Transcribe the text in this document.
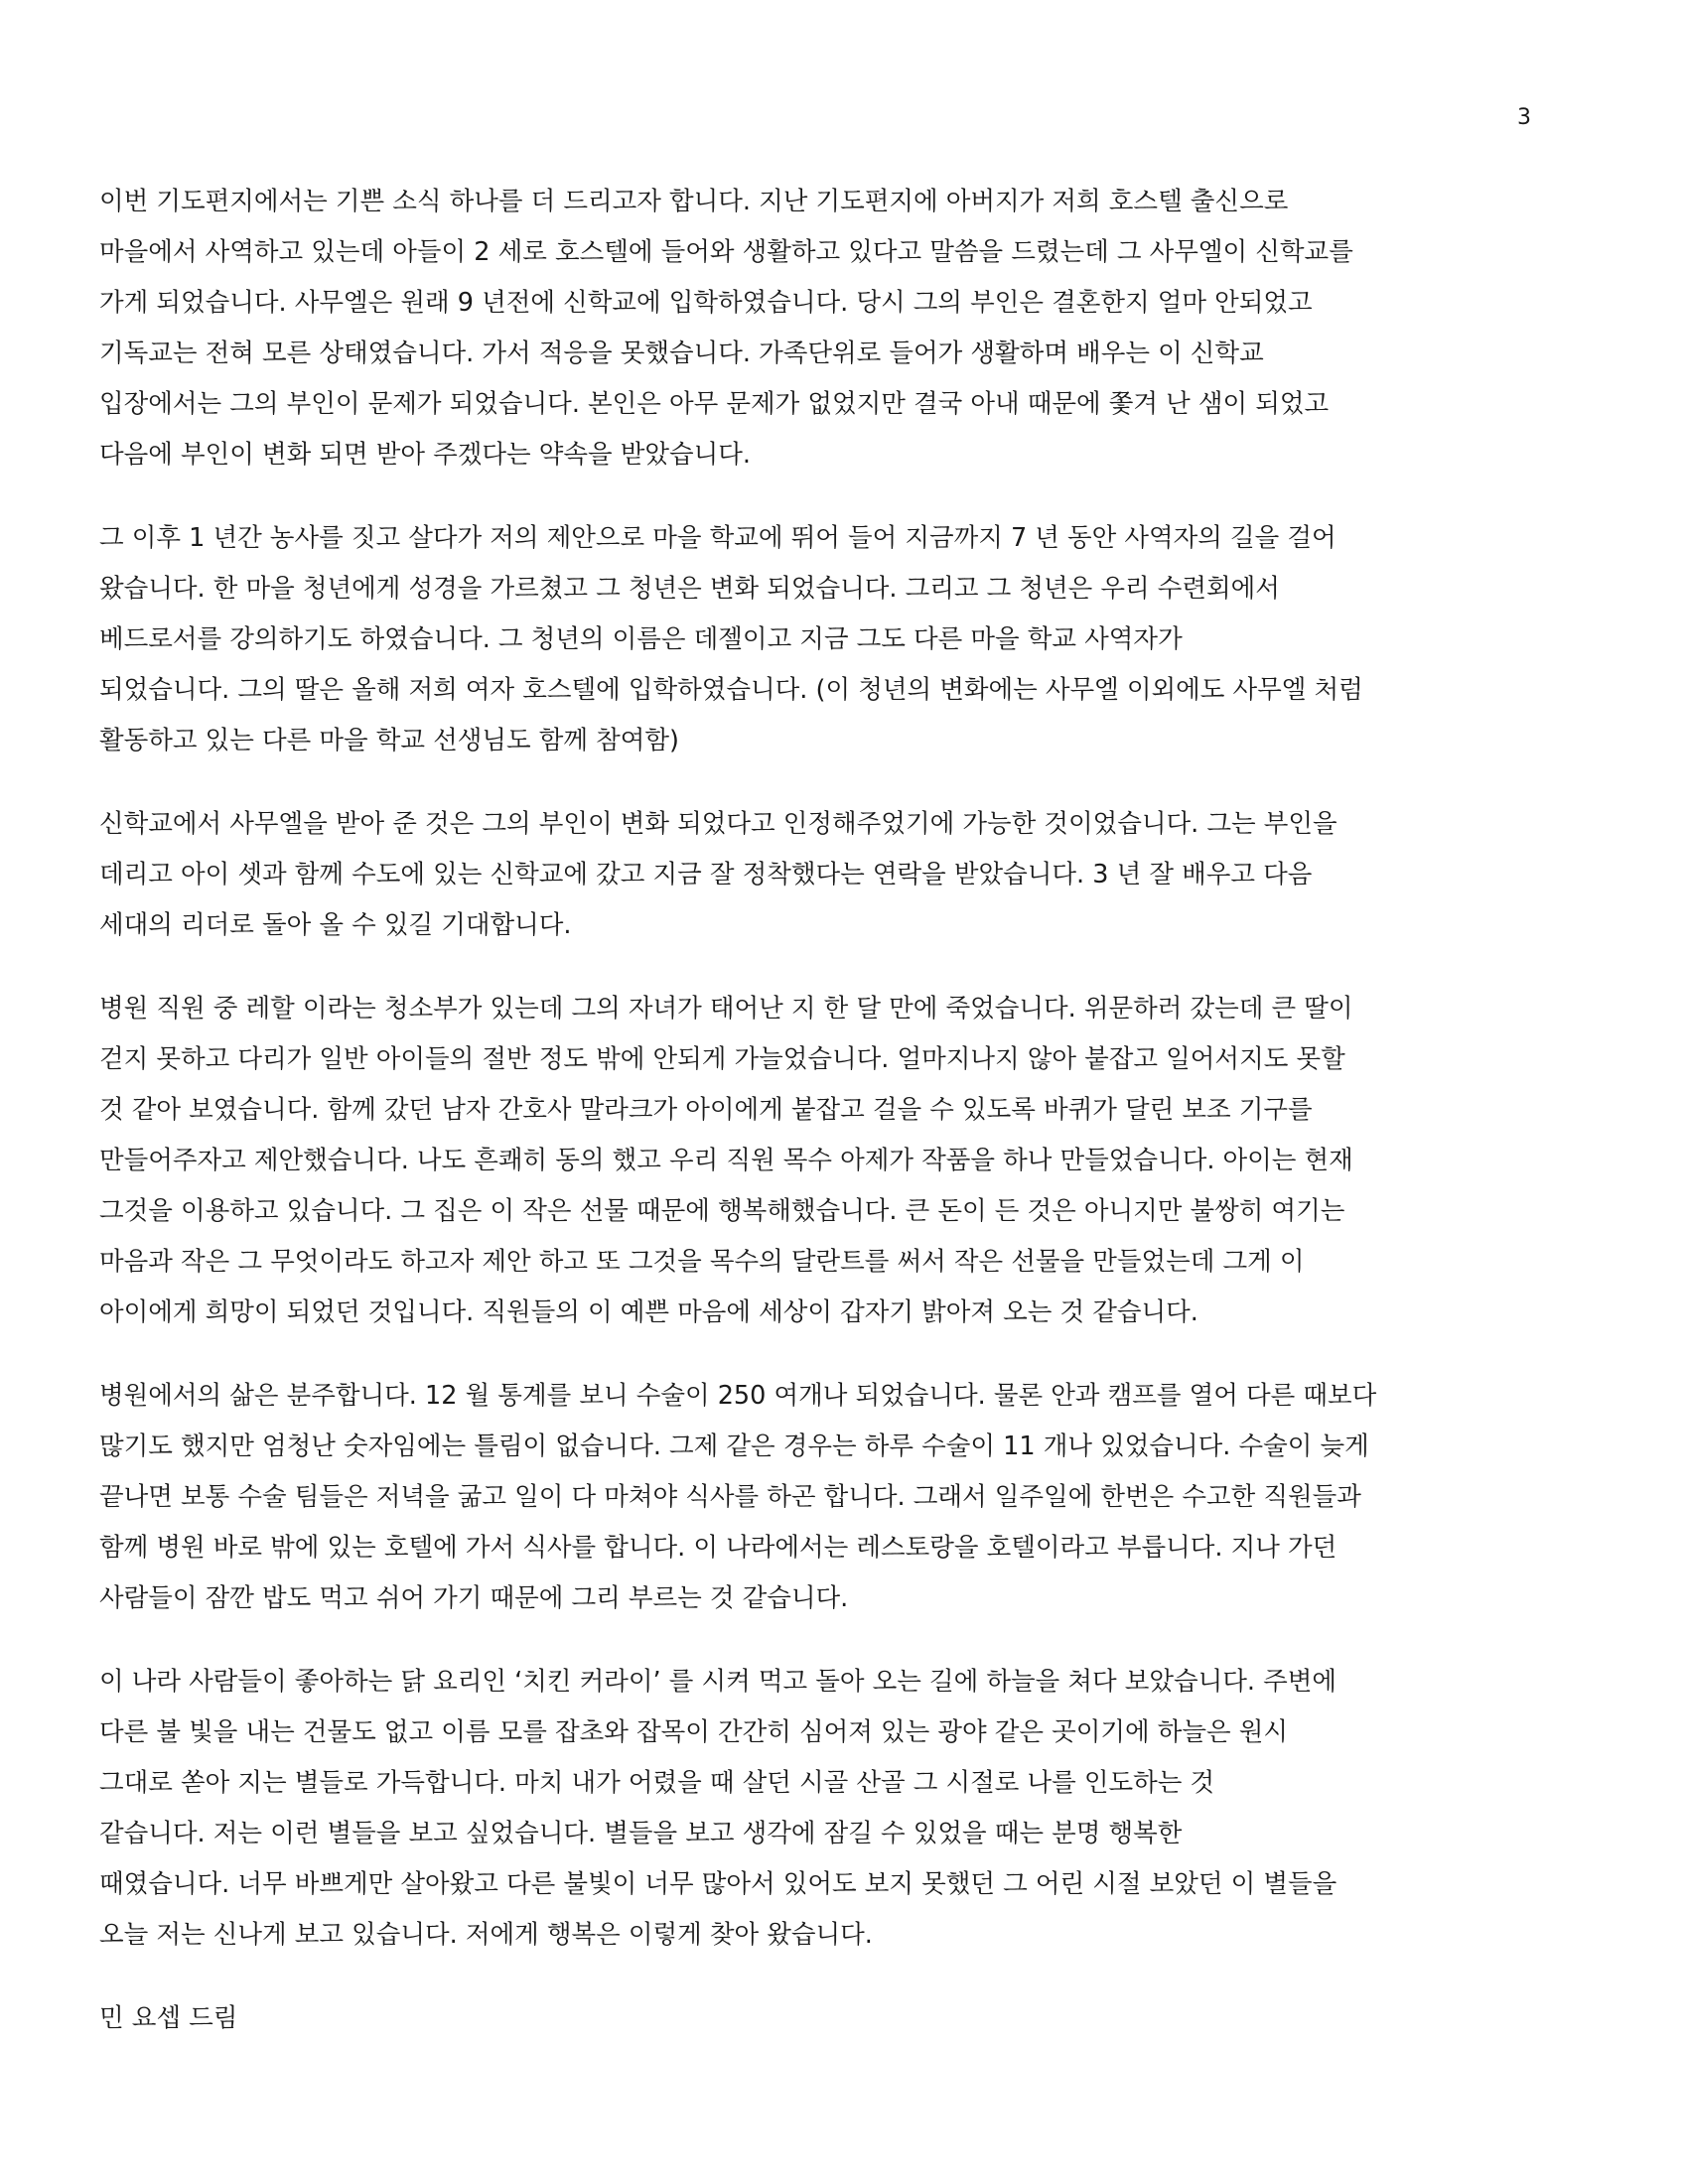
3
이번 기도편지에서는 기쁜 소식 하나를 더 드리고자 합니다. 지난 기도편지에 아버지가 저희 호스텔 출신으로
마을에서 사역하고 있는데 아들이 2 세로 호스텔에 들어와 생활하고 있다고 말씀을 드렸는데 그 사무엘이 신학교를
가게 되었습니다. 사무엘은 원래 9 년전에 신학교에 입학하였습니다. 당시 그의 부인은 결혼한지 얼마 안되었고
기독교는 전혀 모른 상태였습니다. 가서 적응을 못했습니다. 가족단위로 들어가 생활하며 배우는 이 신학교
입장에서는 그의 부인이 문제가 되었습니다. 본인은 아무 문제가 없었지만 결국 아내 때문에 쫓겨 난 샘이 되었고
다음에 부인이 변화 되면 받아 주겠다는 약속을 받았습니다.
그 이후 1 년간 농사를 짓고 살다가 저의 제안으로 마을 학교에 뛰어 들어 지금까지 7 년 동안 사역자의 길을 걸어
왔습니다. 한 마을 청년에게 성경을 가르쳤고 그 청년은 변화 되었습니다. 그리고 그 청년은 우리 수련회에서
베드로서를 강의하기도 하였습니다. 그 청년의 이름은 데젤이고 지금 그도 다른 마을 학교 사역자가
되었습니다. 그의 딸은 올해 저희 여자 호스텔에 입학하였습니다. (이 청년의 변화에는 사무엘 이외에도 사무엘 처럼
활동하고 있는 다른 마을 학교 선생님도 함께 참여함)
신학교에서 사무엘을 받아 준 것은 그의 부인이 변화 되었다고 인정해주었기에 가능한 것이었습니다. 그는 부인을
데리고 아이 셋과 함께 수도에 있는 신학교에 갔고 지금 잘 정착했다는 연락을 받았습니다. 3 년 잘 배우고 다음
세대의 리더로 돌아 올 수 있길 기대합니다.
병원 직원 중 레할 이라는 청소부가 있는데 그의 자녀가 태어난 지 한 달 만에 죽었습니다. 위문하러 갔는데 큰 딸이
걷지 못하고 다리가 일반 아이들의 절반 정도 밖에 안되게 가늘었습니다. 얼마지나지 않아 붙잡고 일어서지도 못할
것 같아 보였습니다. 함께 갔던 남자 간호사 말라크가 아이에게 붙잡고 걸을 수 있도록 바퀴가 달린 보조 기구를
만들어주자고 제안했습니다. 나도 흔쾌히 동의 했고 우리 직원 목수 아제가 작품을 하나 만들었습니다. 아이는 현재
그것을 이용하고 있습니다. 그 집은 이 작은 선물 때문에 행복해했습니다. 큰 돈이 든 것은 아니지만 불쌍히 여기는
마음과 작은 그 무엇이라도 하고자 제안 하고 또 그것을 목수의 달란트를 써서 작은 선물을 만들었는데 그게 이
아이에게 희망이 되었던 것입니다. 직원들의 이 예쁜 마음에 세상이 갑자기 밝아져 오는 것 같습니다.
병원에서의 삶은 분주합니다. 12 월 통계를 보니 수술이 250 여개나 되었습니다. 물론 안과 캠프를 열어 다른 때보다
많기도 했지만 엄청난 숫자임에는 틀림이 없습니다. 그제 같은 경우는 하루 수술이 11 개나 있었습니다. 수술이 늦게
끝나면 보통 수술 팀들은 저녁을 굶고 일이 다 마쳐야 식사를 하곤 합니다. 그래서 일주일에 한번은 수고한 직원들과
함께 병원 바로 밖에 있는 호텔에 가서 식사를 합니다. 이 나라에서는 레스토랑을 호텔이라고 부릅니다. 지나 가던
사람들이 잠깐 밥도 먹고 쉬어 가기 때문에 그리 부르는 것 같습니다.
이 나라 사람들이 좋아하는 닭 요리인 ‘치킨 커라이’ 를 시켜 먹고 돌아 오는 길에 하늘을 쳐다 보았습니다. 주변에
다른 불 빛을 내는 건물도 없고 이름 모를 잡초와 잡목이 간간히 심어져 있는 광야 같은 곳이기에 하늘은 원시
그대로 쏟아 지는 별들로 가득합니다. 마치 내가 어렸을 때 살던 시골 산골 그 시절로 나를 인도하는 것
같습니다. 저는 이런 별들을 보고 싶었습니다. 별들을 보고 생각에 잠길 수 있었을 때는 분명 행복한
때였습니다. 너무 바쁘게만 살아왔고 다른 불빛이 너무 많아서 있어도 보지 못했던 그 어린 시절 보았던 이 별들을
오늘 저는 신나게 보고 있습니다. 저에게 행복은 이렇게 찾아 왔습니다.
민 요셉 드림
